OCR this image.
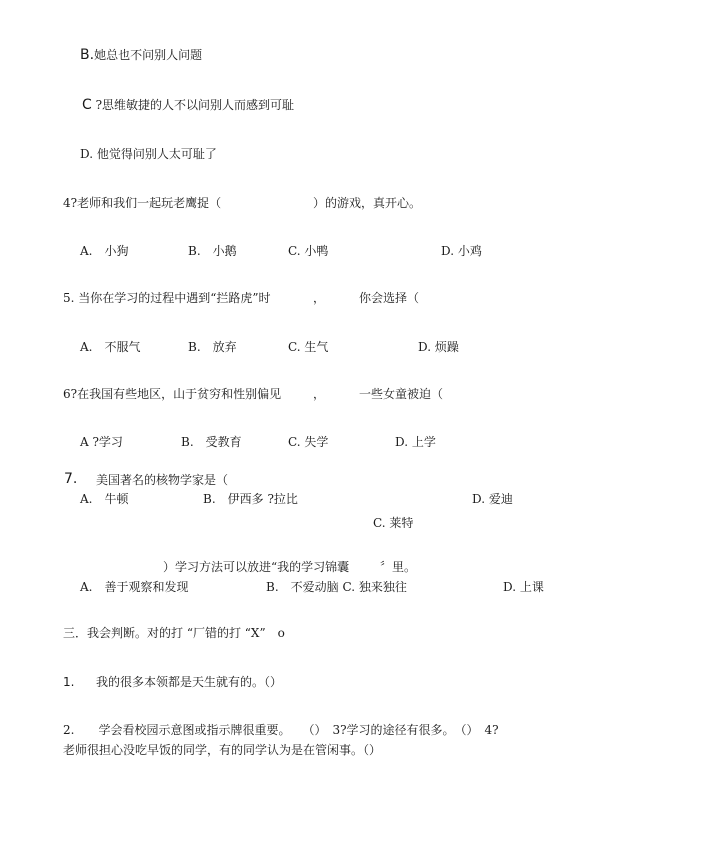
B.她总也不问别人问题
C ?思维敏捷的人不以问别人而感到可耻
D. 他觉得问别人太可耻了
4?老师和我们一起玩老鹰捉（	）的游戏，真开心。
A.　小狗	B.　小鹅	C. 小鸭	D. 小鸡
5. 当你在学习的过程中遇到“拦路虎”时	，	你会选择（
A.　不服气	B.　放弃	C. 生气	D. 烦躁
6?在我国有些地区，山于贫穷和性别偏见	，	一些女童被迫（
A ?学习	B.　受教育	C. 失学	D. 上学
7. 美国著名的核物学家是（
A.　牛顿	B.　伊西多 ?拉比	D. 爱迪
C. 莱特
）学习方法可以放进“我的学习锦囊	〞里。
A.　善于观察和发现	B.　不爱动脑 C. 独来独往	D. 上课
三．我会判断。对的打 “厂错的打 “X”　o
1. 我的很多本领都是天生就有的。（）
2.　　学会看校园示意图或指示牌很重要。　　（）　3?学习的途径有很多。　（）　4?
老师很担心没吃早饭的同学，有的同学认为是在管闲事。（）
